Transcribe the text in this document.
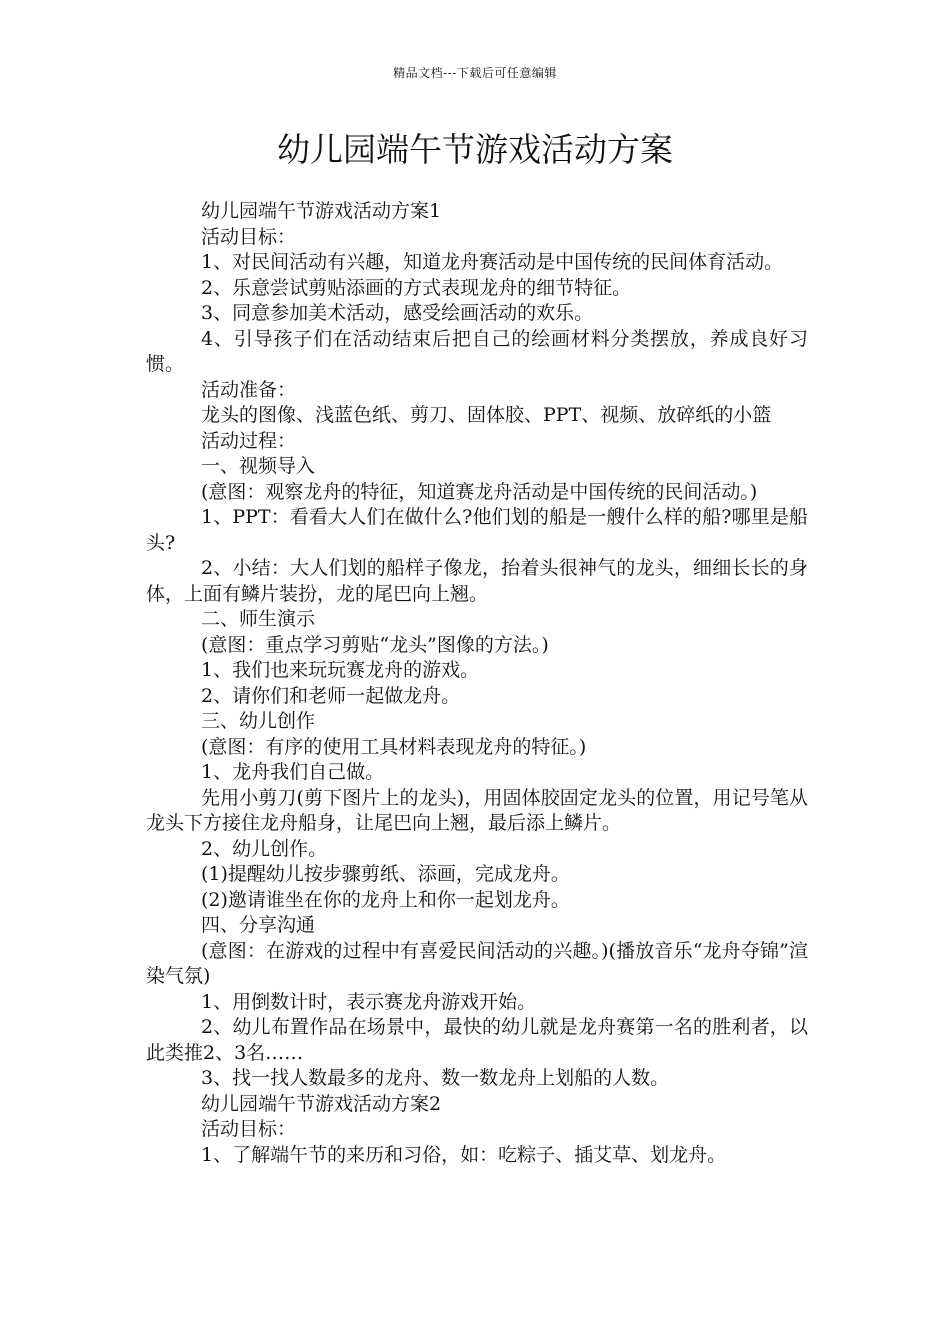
精品文档---下载后可任意编辑
幼儿园端午节游戏活动方案

幼儿园端午节游戏活动方案1

活动目标：

1、对民间活动有兴趣，知道龙舟赛活动是中国传统的民间体育活动。

2、乐意尝试剪贴添画的方式表现龙舟的细节特征。

3、同意参加美术活动，感受绘画活动的欢乐。

4、引导孩子们在活动结束后把自己的绘画材料分类摆放，养成良好习惯。

活动准备：

龙头的图像、浅蓝色纸、剪刀、固体胶、PPT、视频、放碎纸的小篮

活动过程：

一、视频导入

(意图：观察龙舟的特征，知道赛龙舟活动是中国传统的民间活动。)

1、PPT：看看大人们在做什么?他们划的船是一艘什么样的船?哪里是船头?

2、小结：大人们划的船样子像龙，抬着头很神气的龙头，细细长长的身体，上面有鳞片装扮，龙的尾巴向上翘。

二、师生演示

(意图：重点学习剪贴“龙头”图像的方法。)

1、我们也来玩玩赛龙舟的游戏。

2、请你们和老师一起做龙舟。

三、幼儿创作

(意图：有序的使用工具材料表现龙舟的特征。)

1、龙舟我们自己做。

先用小剪刀(剪下图片上的龙头)，用固体胶固定龙头的位置，用记号笔从龙头下方接住龙舟船身，让尾巴向上翘，最后添上鳞片。

2、幼儿创作。

(1)提醒幼儿按步骤剪纸、添画，完成龙舟。

(2)邀请谁坐在你的龙舟上和你一起划龙舟。

四、分享沟通

(意图：在游戏的过程中有喜爱民间活动的兴趣。)(播放音乐“龙舟夺锦”渲染气氛)

1、用倒数计时，表示赛龙舟游戏开始。

2、幼儿布置作品在场景中，最快的幼儿就是龙舟赛第一名的胜利者，以此类推2、3名……

3、找一找人数最多的龙舟、数一数龙舟上划船的人数。

幼儿园端午节游戏活动方案2

活动目标：

1、了解端午节的来历和习俗，如：吃粽子、插艾草、划龙舟。
